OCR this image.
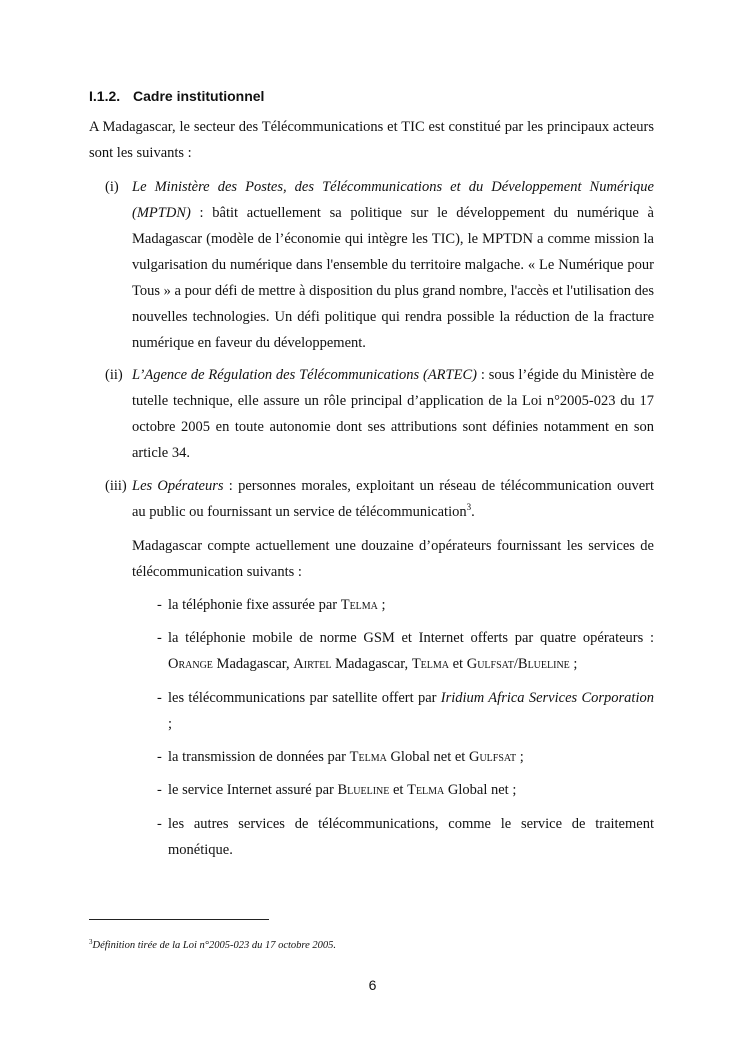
I.1.2. Cadre institutionnel

A Madagascar, le secteur des Télécommunications et TIC est constitué par les principaux acteurs sont les suivants :

(i) Le Ministère des Postes, des Télécommunications et du Développement Numérique (MPTDN) : bâtit actuellement sa politique sur le développement du numérique à Madagascar (modèle de l’économie qui intègre les TIC), le MPTDN a comme mission la vulgarisation du numérique dans l'ensemble du territoire malgache. « Le Numérique pour Tous » a pour défi de mettre à disposition du plus grand nombre, l'accès et l'utilisation des nouvelles technologies. Un défi politique qui rendra possible la réduction de la fracture numérique en faveur du développement.
(ii) L’Agence de Régulation des Télécommunications (ARTEC) : sous l’égide du Ministère de tutelle technique, elle assure un rôle principal d’application de la Loi n°2005-023 du 17 octobre 2005 en toute autonomie dont ses attributions sont définies notamment en son article 34.
(iii) Les Opérateurs : personnes morales, exploitant un réseau de télécommunication ouvert au public ou fournissant un service de télécommunication$^3$.
Madagascar compte actuellement une douzaine d’opérateurs fournissant les services de télécommunication suivants :
- la téléphonie fixe assurée par Telma ;
- la téléphonie mobile de norme GSM et Internet offerts par quatre opérateurs : Orange Madagascar, Airtel Madagascar, Telma et Gulfsat/Blueline ;
- les télécommunications par satellite offert par Iridium Africa Services Corporation ;
- la transmission de données par Telma Global net et Gulfsat ;
- le service Internet assuré par Blueline et Telma Global net ;
- les autres services de télécommunications, comme le service de traitement monétique.
$^3$Définition tirée de la Loi n°2005-023 du 17 octobre 2005.
6
